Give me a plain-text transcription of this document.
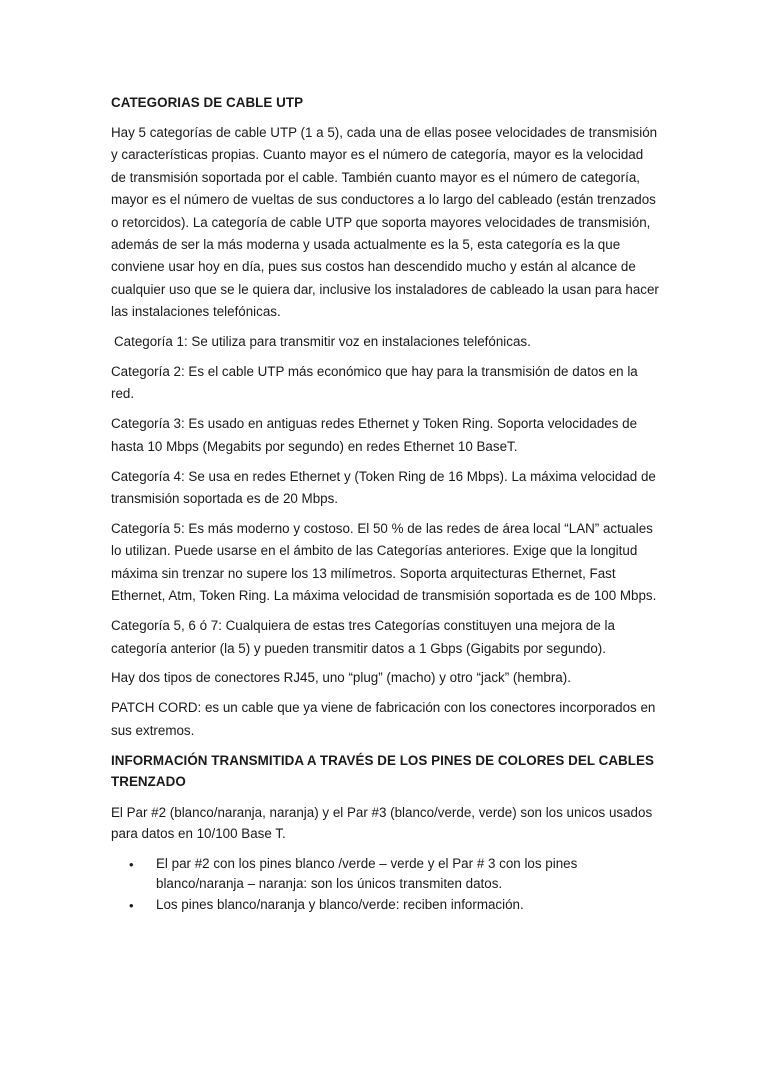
CATEGORIAS DE CABLE UTP

Hay 5 categorías de cable UTP (1 a 5), cada una de ellas posee velocidades de transmisión y características propias. Cuanto mayor es el número de categoría, mayor es la velocidad de transmisión soportada por el cable. También cuanto mayor es el número de categoría, mayor es el número de vueltas de sus conductores a lo largo del cableado (están trenzados o retorcidos). La categoría de cable UTP que soporta mayores velocidades de transmisión, además de ser la más moderna y usada actualmente es la 5, esta categoría es la que conviene usar hoy en día, pues sus costos han descendido mucho y están al alcance de cualquier uso que se le quiera dar, inclusive los instaladores de cableado la usan para hacer las instalaciones telefónicas.

Categoría 1: Se utiliza para transmitir voz en instalaciones telefónicas.

Categoría 2: Es el cable UTP más económico que hay para la transmisión de datos en la red.

Categoría 3: Es usado en antiguas redes Ethernet y Token Ring. Soporta velocidades de hasta 10 Mbps (Megabits por segundo) en redes Ethernet 10 BaseT.

Categoría 4: Se usa en redes Ethernet y (Token Ring de 16 Mbps). La máxima velocidad de transmisión soportada es de 20 Mbps.

Categoría 5: Es más moderno y costoso. El 50 % de las redes de área local “LAN” actuales lo utilizan. Puede usarse en el ámbito de las Categorías anteriores. Exige que la longitud máxima sin trenzar no supere los 13 milímetros. Soporta arquitecturas Ethernet, Fast Ethernet, Atm, Token Ring. La máxima velocidad de transmisión soportada es de 100 Mbps.

Categoría 5, 6 ó 7: Cualquiera de estas tres Categorías constituyen una mejora de la categoría anterior (la 5) y pueden transmitir datos a 1 Gbps (Gigabits por segundo).

Hay dos tipos de conectores RJ45, uno “plug” (macho) y otro “jack” (hembra).

PATCH CORD: es un cable que ya viene de fabricación con los conectores incorporados en sus extremos.

INFORMACIÓN TRANSMITIDA A TRAVÉS DE LOS PINES DE COLORES DEL CABLES TRENZADO

El Par #2 (blanco/naranja, naranja) y el Par #3 (blanco/verde, verde) son los unicos usados para datos en 10/100 Base T.

• El par #2 con los pines blanco /verde – verde y el Par # 3 con los pines blanco/naranja – naranja: son los únicos transmiten datos.
• Los pines blanco/naranja y blanco/verde: reciben información.
